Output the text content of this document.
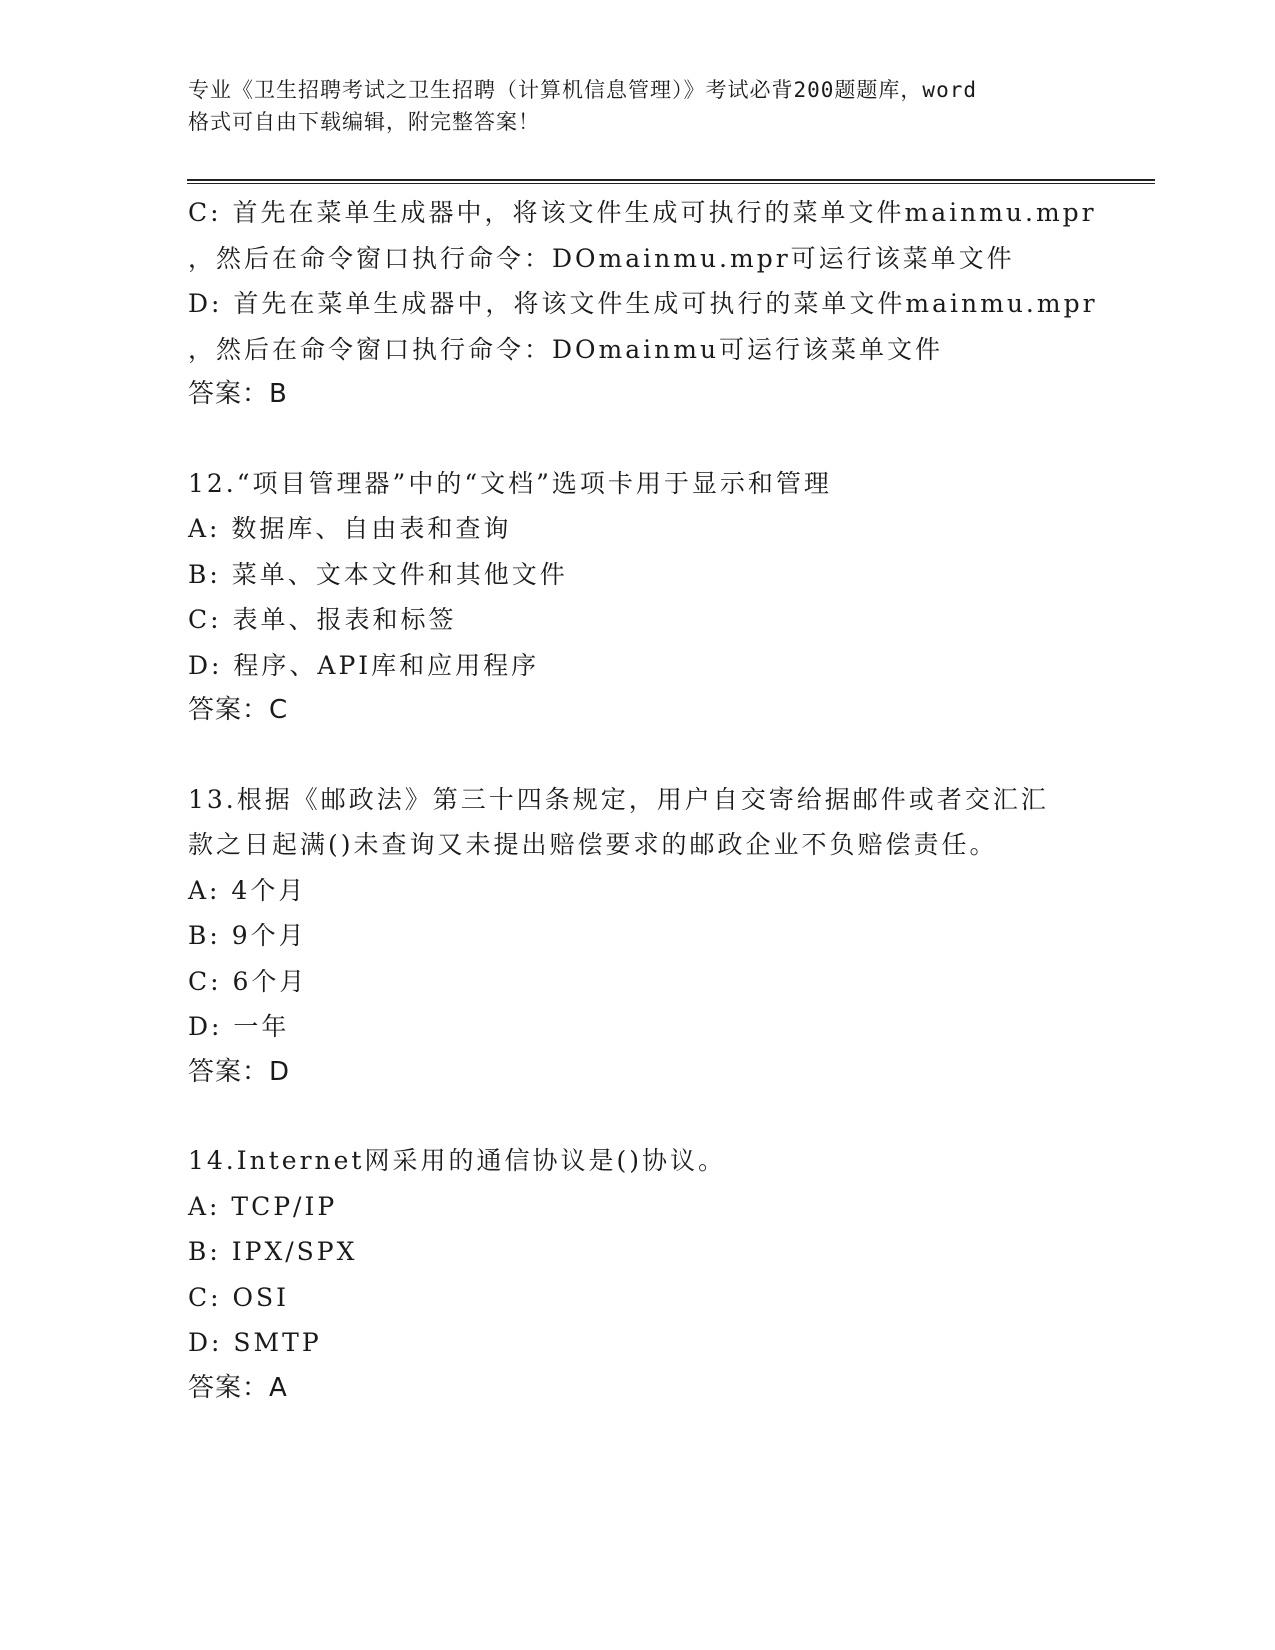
专业《卫生招聘考试之卫生招聘（计算机信息管理）》考试必背200题题库，word
格式可自由下载编辑，附完整答案！
C: 首先在菜单生成器中，将该文件生成可执行的菜单文件mainmu.mpr
，然后在命令窗口执行命令：DOmainmu.mpr可运行该菜单文件
D: 首先在菜单生成器中，将该文件生成可执行的菜单文件mainmu.mpr
，然后在命令窗口执行命令：DOmainmu可运行该菜单文件
答案：B
12.“项目管理器”中的“文档”选项卡用于显示和管理
A: 数据库、自由表和查询
B: 菜单、文本文件和其他文件
C: 表单、报表和标签
D: 程序、API库和应用程序
答案：C
13.根据《邮政法》第三十四条规定，用户自交寄给据邮件或者交汇汇
款之日起满()未查询又未提出赔偿要求的邮政企业不负赔偿责任。
A: 4个月
B: 9个月
C: 6个月
D: 一年
答案：D
14.Internet网采用的通信协议是()协议。
A: TCP/IP
B: IPX/SPX
C: OSI
D: SMTP
答案：A
